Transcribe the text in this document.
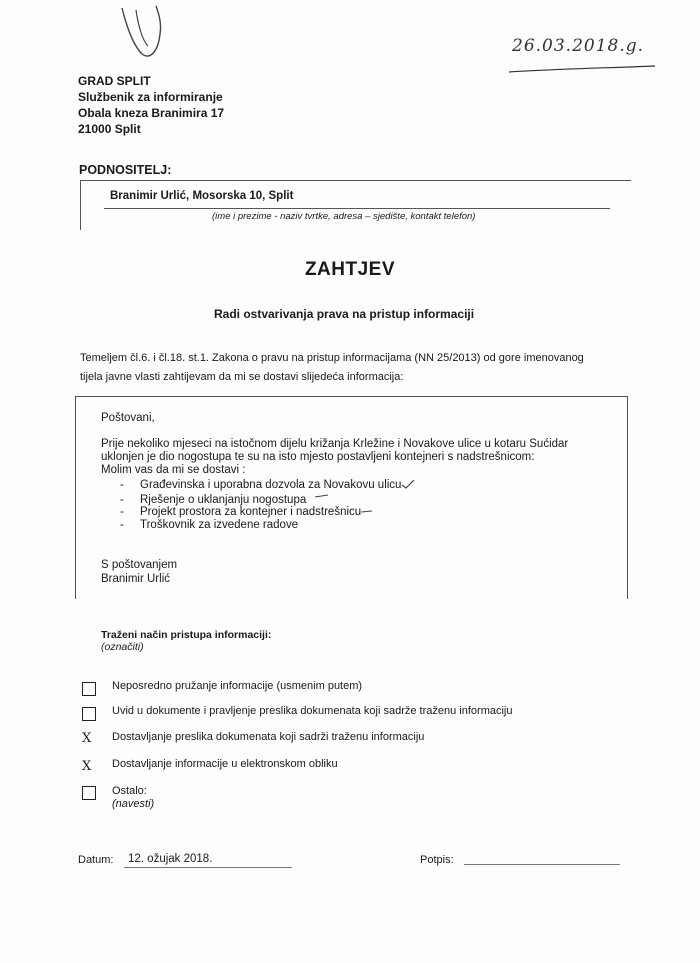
26.03.2018.g.
GRAD SPLIT
Službenik za informiranje
Obala kneza Branimira 17
21000 Split
PODNOSITELJ:
Branimir Urlić, Mosorska 10, Split
(ime i prezime - naziv tvrtke, adresa – sjedište, kontakt telefon)
ZAHTJEV
Radi ostvarivanja prava na pristup informaciji
Temeljem čl.6. i čl.18. st.1. Zakona o pravu na pristup informacijama (NN 25/2013) od gore imenovanog
tijela javne vlasti zahtijevam da mi se dostavi slijedeća informacija:
Poštovani,
Prije nekoliko mjeseci na istočnom dijelu križanja Krležine i Novakove ulice u kotaru Sućidar
uklonjen je dio nogostupa te su na isto mjesto postavljeni kontejneri s nadstrešnicom:
Molim vas da mi se dostavi :
- Građevinska i uporabna dozvola za Novakovu ulicu
- Rješenje o uklanjanju nogostupa
- Projekt prostora za kontejner i nadstrešnicu
- Troškovnik za izvedene radove
S poštovanjem
Branimir Urlić
Traženi način pristupa informaciji:
(označiti)
Neposredno pružanje informacije (usmenim putem)
Uvid u dokumente i pravljenje preslika dokumenata koji sadrže traženu informaciju
X Dostavljanje preslika dokumenata koji sadrži traženu informaciju
X Dostavljanje informacije u elektronskom obliku
Ostalo:
(navesti)
Datum: 12. ožujak 2018.	Potpis:
